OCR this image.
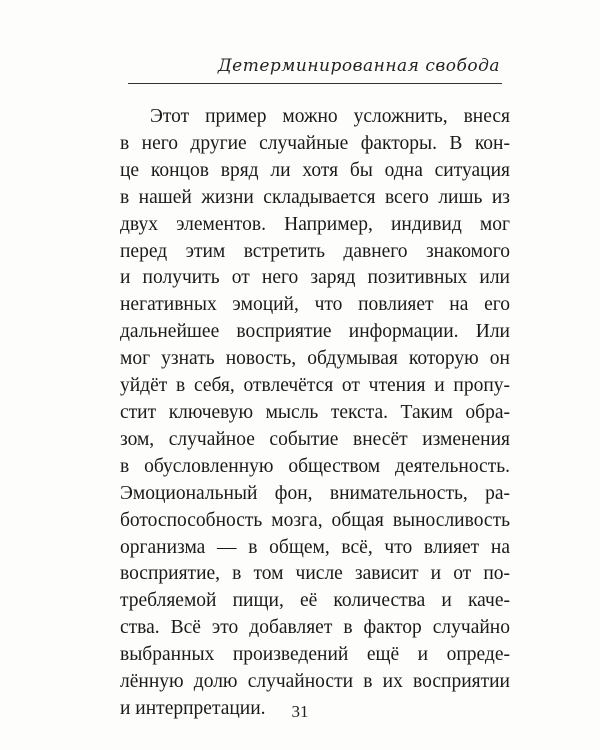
Детерминированная свобода
Этот пример можно усложнить, внеся
в него другие случайные факторы. В кон-
це концов вряд ли хотя бы одна ситуация
в нашей жизни складывается всего лишь из
двух элементов. Например, индивид мог
перед этим встретить давнего знакомого
и получить от него заряд позитивных или
негативных эмоций, что повлияет на его
дальнейшее восприятие информации. Или
мог узнать новость, обдумывая которую он
уйдёт в себя, отвлечётся от чтения и пропу-
стит ключевую мысль текста. Таким обра-
зом, случайное событие внесёт изменения
в обусловленную обществом деятельность.
Эмоциональный фон, внимательность, ра-
ботоспособность мозга, общая выносливость
организма — в общем, всё, что влияет на
восприятие, в том числе зависит и от по-
требляемой пищи, её количества и каче-
ства. Всё это добавляет в фактор случайно
выбранных произведений ещё и опреде-
лённую долю случайности в их восприятии
и интерпретации.	31
